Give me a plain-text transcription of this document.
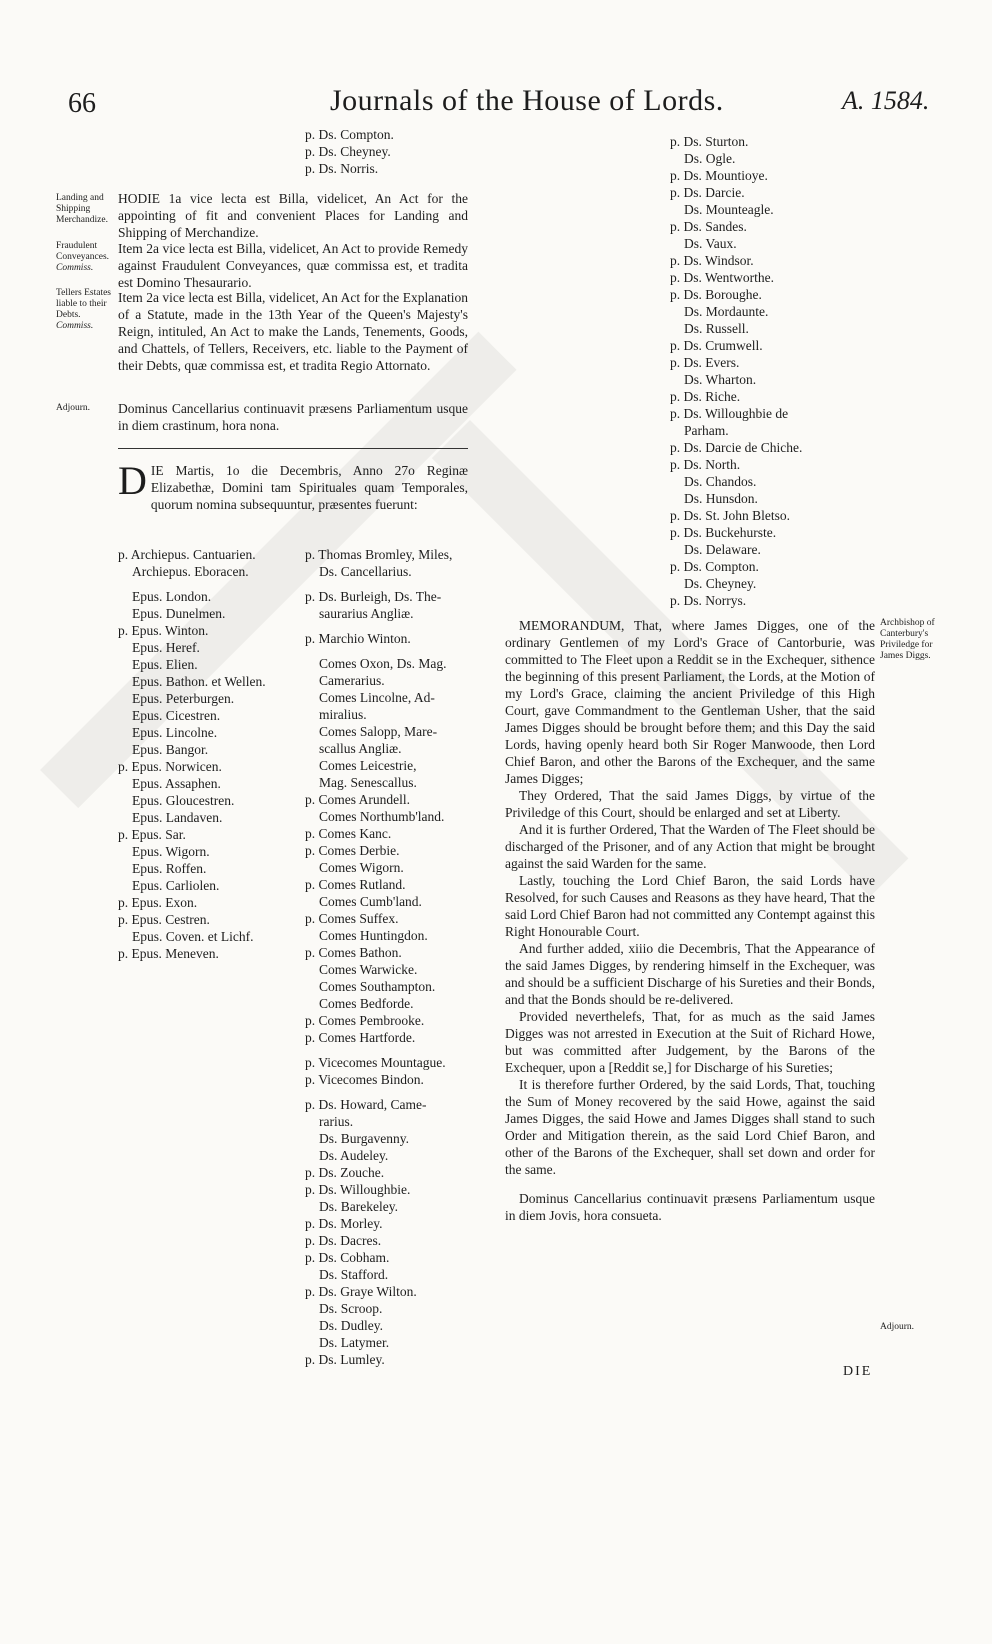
66	Journals of the House of Lords.	A. 1584.
p. Ds. Compton.
p. Ds. Cheyney.
p. Ds. Norris.
Landing and Shipping Merchandize.
Fraudulent Conveyances.
Commiss.
Tellers Estates liable to their Debts.
Commiss.
Adjourn.
HODIE 1a vice lecta est Billa, videlicet, An Act for the appointing of fit and convenient Places for Landing and Shipping of Merchandize.
Item 2a vice lecta est Billa, videlicet, An Act to provide Remedy against Fraudulent Conveyances, quæ commissa est, et tradita est Domino Thesaurario.
Item 2a vice lecta est Billa, videlicet, An Act for the Explanation of a Statute, made in the 13th Year of the Queen's Majesty's Reign, intituled, An Act to make the Lands, Tenements, Goods, and Chattels, of Tellers, Receivers, etc. liable to the Payment of their Debts, quæ commissa est, et tradita Regio Attornato.
Dominus Cancellarius continuavit præsens Parliamentum usque in diem crastinum, hora nona.
D IE Martis, 1o die Decembris, Anno 27o Reginæ Elizabethæ, Domini tam Spirituales quam Temporales, quorum nomina subsequuntur, præsentes fuerunt:
p. Archiepus. Cantuarien.
Archiepus. Eboracen.
Epus. London.
Epus. Dunelmen.
p. Epus. Winton.
Epus. Heref.
Epus. Elien.
Epus. Bathon. et Wellen.
Epus. Peterburgen.
Epus. Cicestren.
Epus. Lincolne.
Epus. Bangor.
p. Epus. Norwicen.
Epus. Assaphen.
Epus. Gloucestren.
Epus. Landaven.
p. Epus. Sar.
Epus. Wigorn.
Epus. Roffen.
Epus. Carliolen.
p. Epus. Exon.
p. Epus. Cestren.
Epus. Coven. et Lichf.
p. Epus. Meneven.
p. Thomas Bromley, Miles,
Ds. Cancellarius.
p. Ds. Burleigh, Ds. The-
saurarius Angliæ.
p. Marchio Winton.
Comes Oxon, Ds. Mag.
Camerarius.
Comes Lincolne, Ad-
miralius.
Comes Salopp, Mare-
scallus Angliæ.
Comes Leicestrie,
Mag. Senescallus.
p. Comes Arundell.
Comes Northumb'land.
p. Comes Kanc.
p. Comes Derbie.
Comes Wigorn.
p. Comes Rutland.
Comes Cumb'land.
p. Comes Suffex.
Comes Huntingdon.
p. Comes Bathon.
Comes Warwicke.
Comes Southampton.
Comes Bedforde.
p. Comes Pembrooke.
p. Comes Hartforde.
p. Vicecomes Mountague.
p. Vicecomes Bindon.
p. Ds. Howard, Came-
rarius.
Ds. Burgavenny.
Ds. Audeley.
p. Ds. Zouche.
p. Ds. Willoughbie.
Ds. Barekeley.
p. Ds. Morley.
p. Ds. Dacres.
p. Ds. Cobham.
Ds. Stafford.
p. Ds. Graye Wilton.
Ds. Scroop.
Ds. Dudley.
Ds. Latymer.
p. Ds. Lumley.
p. Ds. Sturton.
Ds. Ogle.
p. Ds. Mountioye.
p. Ds. Darcie.
Ds. Mounteagle.
p. Ds. Sandes.
Ds. Vaux.
p. Ds. Windsor.
p. Ds. Wentworthe.
p. Ds. Boroughe.
Ds. Mordaunte.
Ds. Russell.
p. Ds. Crumwell.
p. Ds. Evers.
Ds. Wharton.
p. Ds. Riche.
p. Ds. Willoughbie de
Parham.
p. Ds. Darcie de Chiche.
p. Ds. North.
Ds. Chandos.
Ds. Hunsdon.
p. Ds. St. John Bletso.
p. Ds. Buckehurste.
Ds. Delaware.
p. Ds. Compton.
Ds. Cheyney.
p. Ds. Norrys.
Archbishop of Canterbury's Priviledge for James Diggs.
Adjourn.
MEMORANDUM, That, where James Digges, one of the ordinary Gentlemen of my Lord's Grace of Cantorburie, was committed to The Fleet upon a Reddit se in the Exchequer, sithence the beginning of this present Parliament, the Lords, at the Motion of my Lord's Grace, claiming the ancient Priviledge of this High Court, gave Commandment to the Gentleman Usher, that the said James Digges should be brought before them; and this Day the said Lords, having openly heard both Sir Roger Manwoode, then Lord Chief Baron, and other the Barons of the Exchequer, and the same James Digges;
They Ordered, That the said James Diggs, by virtue of the Priviledge of this Court, should be enlarged and set at Liberty.
And it is further Ordered, That the Warden of The Fleet should be discharged of the Prisoner, and of any Action that might be brought against the said Warden for the same.
Lastly, touching the Lord Chief Baron, the said Lords have Resolved, for such Causes and Reasons as they have heard, That the said Lord Chief Baron had not committed any Contempt against this Right Honourable Court.
And further added, xiiio die Decembris, That the Appearance of the said James Digges, by rendering himself in the Exchequer, was and should be a sufficient Discharge of his Sureties and their Bonds, and that the Bonds should be re-delivered.
Provided neverthelefs, That, for as much as the said James Digges was not arrested in Execution at the Suit of Richard Howe, but was committed after Judgement, by the Barons of the Exchequer, upon a [Reddit se,] for Discharge of his Sureties;
It is therefore further Ordered, by the said Lords, That, touching the Sum of Money recovered by the said Howe, against the said James Digges, the said Howe and James Digges shall stand to such Order and Mitigation therein, as the said Lord Chief Baron, and other of the Barons of the Exchequer, shall set down and order for the same.
Dominus Cancellarius continuavit præsens Parliamentum usque in diem Jovis, hora consueta.
DIE
